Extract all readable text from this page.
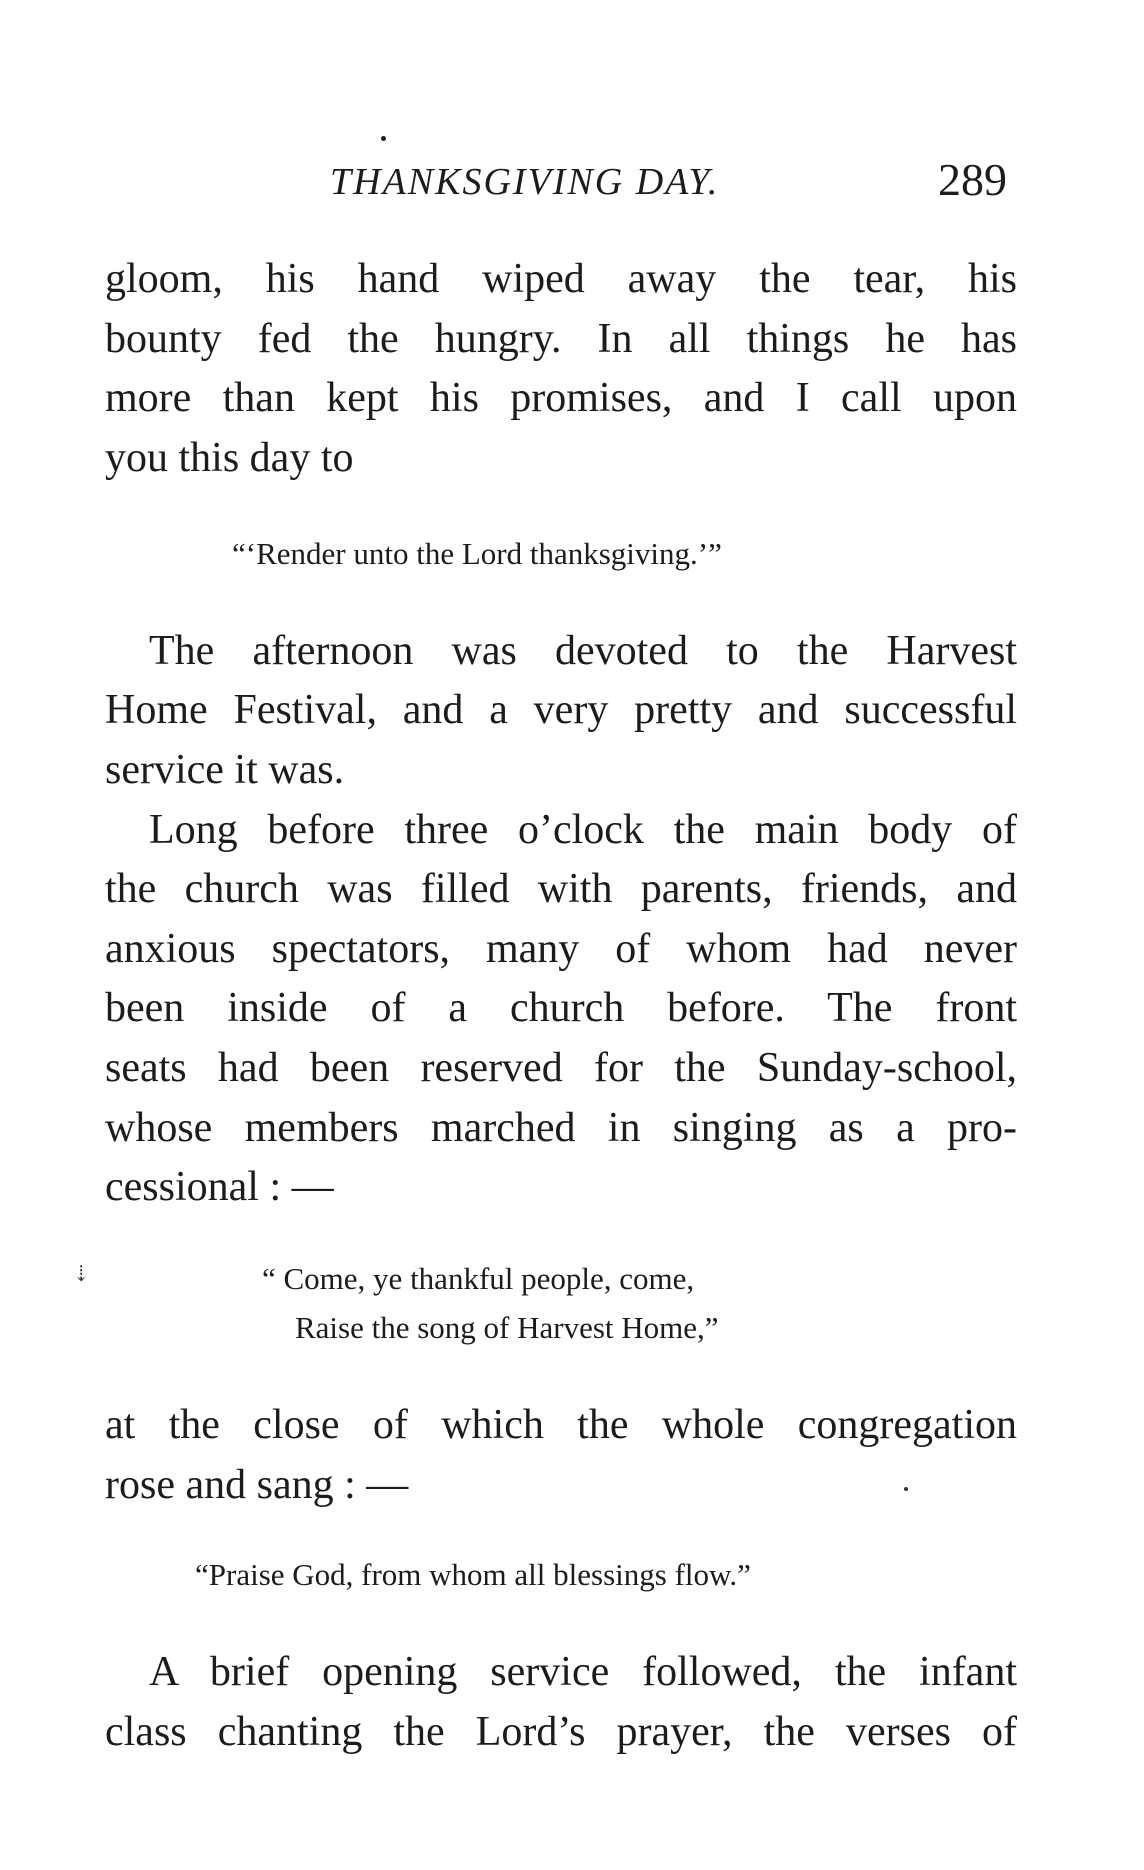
THANKSGIVING DAY.	289
gloom, his hand wiped away the tear, his
bounty fed the hungry. In all things he has
more than kept his promises, and I call upon
you this day to
“‘Render unto the Lord thanksgiving.’”
The afternoon was devoted to the Harvest
Home Festival, and a very pretty and successful
service it was.
Long before three o’clock the main body of
the church was filled with parents, friends, and
anxious spectators, many of whom had never
been inside of a church before. The front
seats had been reserved for the Sunday-school,
whose members marched in singing as a pro-
cessional : —
⇣	“ Come, ye thankful people, come,
Raise the song of Harvest Home,”
at the close of which the whole congregation
rose and sang : —
“Praise God, from whom all blessings flow.”
A brief opening service followed, the infant
class chanting the Lord’s prayer, the verses of
